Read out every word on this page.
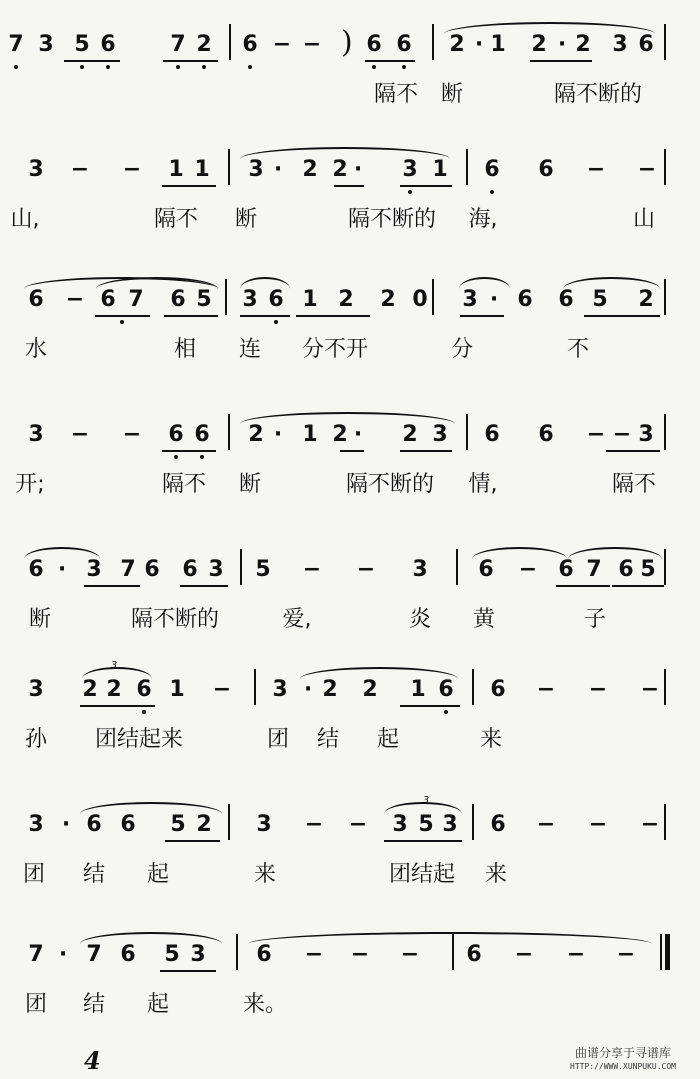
7 3 5 6 7 2 6 − − ) 6 6 2 · 1 2 · 2 3 6
隔不 断	隔不断的
3 − − 1 1 3 · 2 2 · 3 1 6 6 − −
山,	隔不 断	隔不断的 海,	山
6 − 6 7 6 5 3 6 1 2 2 0 3 · 6 6 5 2
水	相 连 分不开	分	不
3 − − 6 6 2 · 1 2 · 2 3 6 6 − − 3
开;	隔不 断	隔不断的 情,	隔不
6 · 3 7 6 6 3 5 − − 3 6 − 6 7 6 5
断	隔不断的	爱,	炎 黄	子
3 2 2 6 1 − 3 · 2 2 1 6 6 − − −
孙 团结起来	团 结 起	来
3
3 · 6 6 5 2 3 − − 3 5 3 6 − − −
团 结 起	来	团结起 来
3
7 · 7 6 5 3 6 − − − 6 − − −
团 结 起	来。
4	曲谱分享于寻谱库
HTTP://WWW.XUNPUKU.COM
